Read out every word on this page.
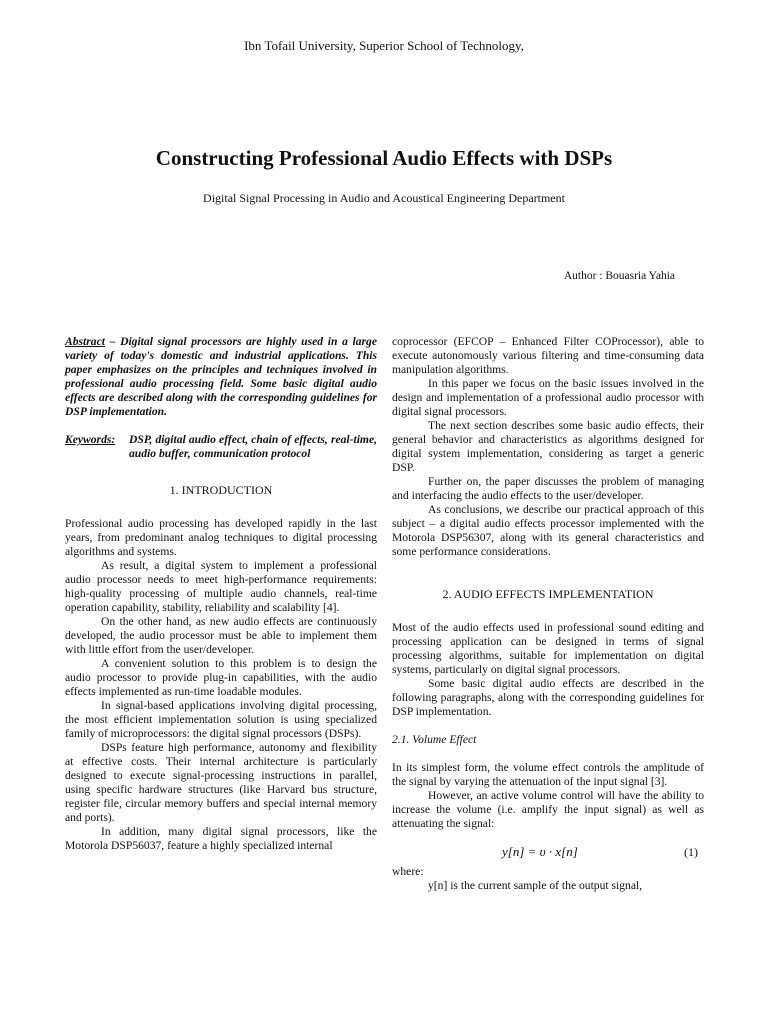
Ibn Tofail University, Superior School of Technology,
Constructing Professional Audio Effects with DSPs
Digital Signal Processing in Audio and Acoustical Engineering Department
Author : Bouasria Yahia

Abstract – Digital signal processors are highly used in a large variety of today's domestic and industrial applications. This paper emphasizes on the principles and techniques involved in professional audio processing field. Some basic digital audio effects are described along with the corresponding guidelines for DSP implementation.

Keywords:	DSP, digital audio effect, chain of effects, real-time, audio buffer, communication protocol
1. INTRODUCTION

Professional audio processing has developed rapidly in the last years, from predominant analog techniques to digital processing algorithms and systems.

As result, a digital system to implement a professional audio processor needs to meet high-performance requirements: high-quality processing of multiple audio channels, real-time operation capability, stability, reliability and scalability [4].

On the other hand, as new audio effects are continuously developed, the audio processor must be able to implement them with little effort from the user/developer.

A convenient solution to this problem is to design the audio processor to provide plug-in capabilities, with the audio effects implemented as run-time loadable modules.

In signal-based applications involving digital processing, the most efficient implementation solution is using specialized family of microprocessors: the digital signal processors (DSPs).

DSPs feature high performance, autonomy and flexibility at effective costs. Their internal architecture is particularly designed to execute signal-processing instructions in parallel, using specific hardware structures (like Harvard bus structure, register file, circular memory buffers and special internal memory and ports).

In addition, many digital signal processors, like the Motorola DSP56037, feature a highly specialized internal

coprocessor (EFCOP – Enhanced Filter COProcessor), able to execute autonomously various filtering and time-consuming data manipulation algorithms.

In this paper we focus on the basic issues involved in the design and implementation of a professional audio processor with digital signal processors.

The next section describes some basic audio effects, their general behavior and characteristics as algorithms designed for digital system implementation, considering as target a generic DSP.

Further on, the paper discusses the problem of managing and interfacing the audio effects to the user/developer.

As conclusions, we describe our practical approach of this subject – a digital audio effects processor implemented with the Motorola DSP56307, along with its general characteristics and some performance considerations.

2. AUDIO EFFECTS IMPLEMENTATION

Most of the audio effects used in professional sound editing and processing application can be designed in terms of signal processing algorithms, suitable for implementation on digital systems, particularly on digital signal processors.

Some basic digital audio effects are described in the following paragraphs, along with the corresponding guidelines for DSP implementation.

2.1. Volume Effect

In its simplest form, the volume effect controls the amplitude of the signal by varying the attenuation of the input signal [3].

However, an active volume control will have the ability to increase the volume (i.e. amplify the input signal) as well as attenuating the signal:

y[n] = υ · x[n]	(1)

where:

y[n] is the current sample of the output signal,
